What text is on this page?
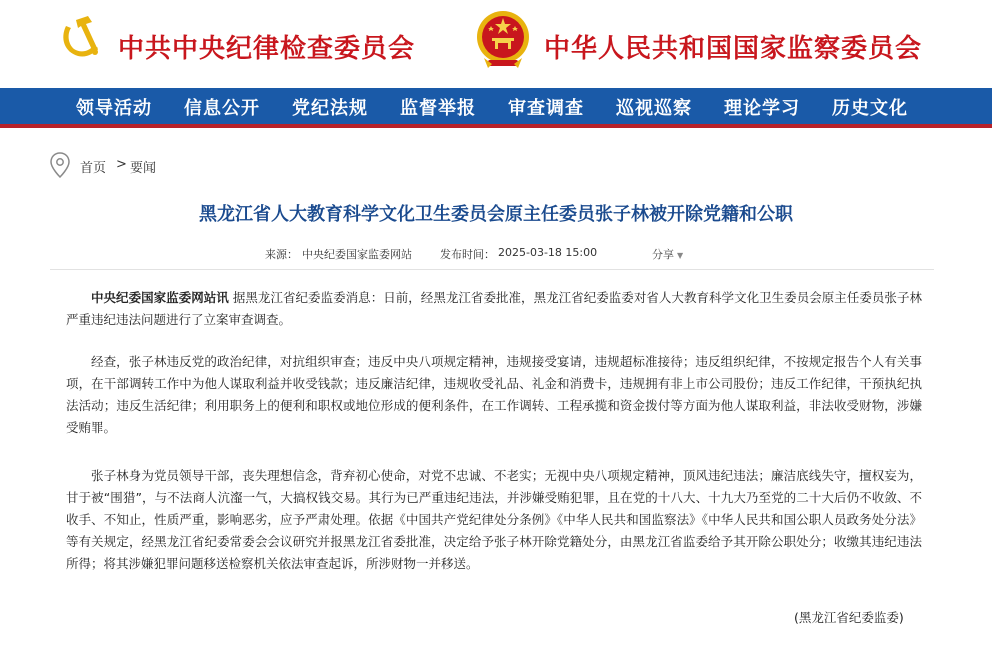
中共中央纪律检查委员会	中华人民共和国国家监察委员会
领导活动 信息公开 党纪法规 监督举报 审查调查 巡视巡察 理论学习 历史文化
首页 > 要闻
黑龙江省人大教育科学文化卫生委员会原主任委员张子林被开除党籍和公职
来源： 中央纪委国家监委网站	发布时间： 2025-03-18 15:00	分享 ▼

中央纪委国家监委网站讯 据黑龙江省纪委监委消息：日前，经黑龙江省委批准，黑龙江省纪委监委对省人大教育科学文化卫生委员会原主任委员张子林严重违纪违法问题进行了立案审查调查。

经查，张子林违反党的政治纪律，对抗组织审查；违反中央八项规定精神，违规接受宴请，违规超标准接待；违反组织纪律，不按规定报告个人有关事项，在干部调转工作中为他人谋取利益并收受钱款；违反廉洁纪律，违规收受礼品、礼金和消费卡，违规拥有非上市公司股份；违反工作纪律，干预执纪执法活动；违反生活纪律；利用职务上的便利和职权或地位形成的便利条件，在工作调转、工程承揽和资金拨付等方面为他人谋取利益，非法收受财物，涉嫌受贿罪。

张子林身为党员领导干部，丧失理想信念，背弃初心使命，对党不忠诚、不老实；无视中央八项规定精神，顶风违纪违法；廉洁底线失守，擅权妄为，甘于被“围猎”，与不法商人沆瀣一气，大搞权钱交易。其行为已严重违纪违法，并涉嫌受贿犯罪，且在党的十八大、十九大乃至党的二十大后仍不收敛、不收手、不知止，性质严重，影响恶劣，应予严肃处理。依据《中国共产党纪律处分条例》《中华人民共和国监察法》《中华人民共和国公职人员政务处分法》等有关规定，经黑龙江省纪委常委会会议研究并报黑龙江省委批准，决定给予张子林开除党籍处分，由黑龙江省监委给予其开除公职处分；收缴其违纪违法所得；将其涉嫌犯罪问题移送检察机关依法审查起诉，所涉财物一并移送。

(黑龙江省纪委监委)
